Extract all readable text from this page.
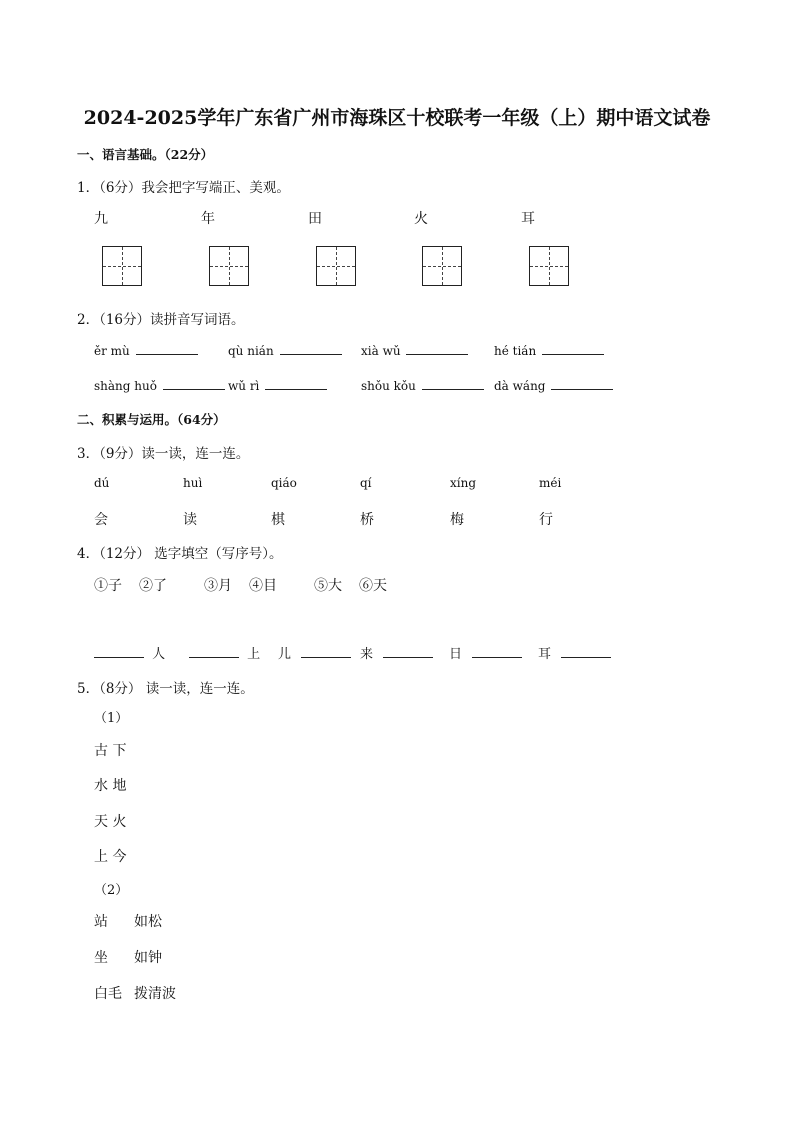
2024-2025学年广东省广州市海珠区十校联考一年级（上）期中语文试卷
一、语言基础。（22分）
1．（6分）我会把字写端正、美观。
九	年	田	火	耳
2．（16分）读拼音写词语。
ěr mù	qù nián	xià wǔ	hé tián
shàng huǒ	wǔ rì	shǒu kǒu	dà wáng
二、积累与运用。（64分）
3．（9分）读一读，连一连。
dú	huì	qiáo	qí	xíng	méi
会	读	棋	桥	梅	行
4．（12分） 选字填空（写序号）。
①子 ②了	③月 ④目	⑤大 ⑥天
人	上 儿	来	日	耳
5．（8分） 读一读，连一连。
（1）
古 下
水 地
天 火
上 今
（2）
站 如松
坐 如钟
白毛 拨清波
